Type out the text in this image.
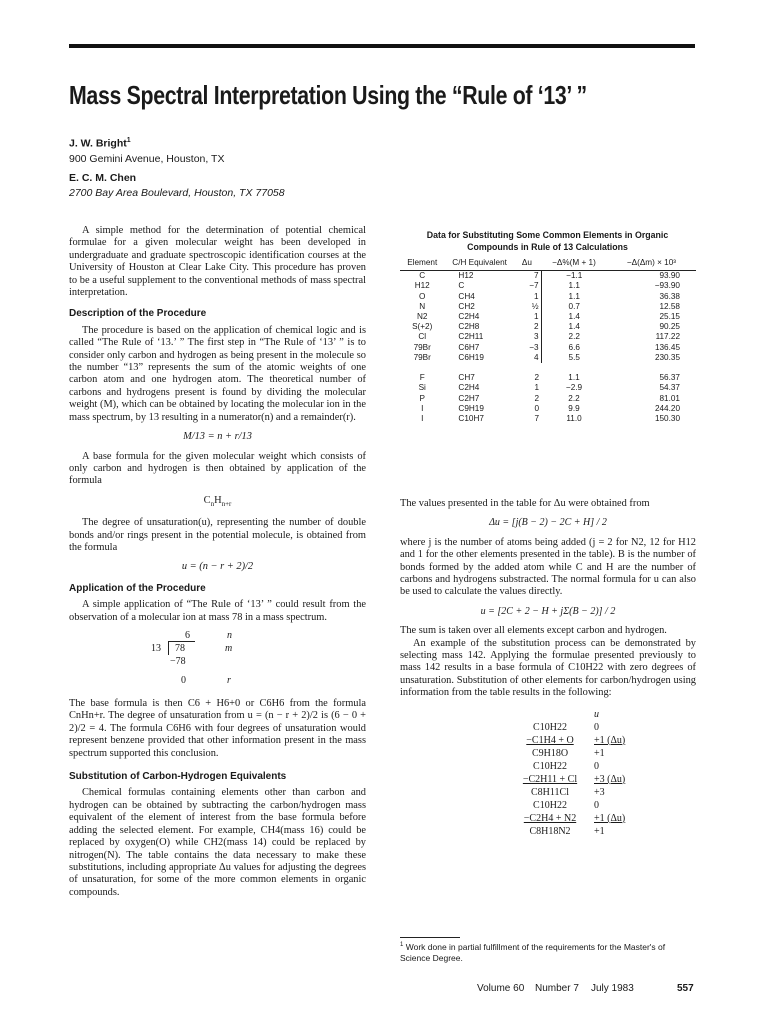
Mass Spectral Interpretation Using the “Rule of ‘13’ ”
J. W. Bright$^1$
900 Gemini Avenue, Houston, TX
E. C. M. Chen
2700 Bay Area Boulevard, Houston, TX 77058

A simple method for the determination of potential chemical formulae for a given molecular weight has been developed in undergraduate and graduate spectroscopic identification courses at the University of Houston at Clear Lake City. This procedure has proven to be a useful supplement to the conventional methods of mass spectral interpretation.

Description of the Procedure

The procedure is based on the application of chemical logic and is called “The Rule of ‘13.’ ” The first step in “The Rule of ‘13’ ” is to consider only carbon and hydrogen as being present in the molecule so the number “13” represents the sum of the atomic weights of one carbon atom and one hydrogen atom. The theoretical number of carbons and hydrogens present is found by dividing the molecular weight (M), which can be obtained by locating the molecular ion in the mass spectrum, by 13 resulting in a numerator(n) and a remainder(r).

M/13 = n + r/13

A base formula for the given molecular weight which consists of only carbon and hydrogen is then obtained by application of the formula

$C_nH_{n+r}$

The degree of unsaturation(u), representing the number of double bonds and/or rings present in the potential molecule, is obtained from the formula

u = (n − r + 2)/2
Application of the Procedure

A simple application of “The Rule of ‘13’ ” could result from the observation of a molecular ion at mass 78 in a mass spectrum.

6	n
13 78	m
−78
0	r

The base formula is then C6 + H6+0 or C6H6 from the formula CnHn+r. The degree of unsaturation from u = (n − r + 2)/2 is (6 − 0 + 2)/2 = 4. The formula C6H6 with four degrees of unsaturation would represent benzene provided that other information present in the mass spectrum supported this conclusion.

Substitution of Carbon-Hydrogen Equivalents

Chemical formulas containing elements other than carbon and hydrogen can be obtained by subtracting the carbon/hydrogen mass equivalent of the element of interest from the base formula before adding the selected element. For example, CH4(mass 16) could be replaced by oxygen(O) while CH2(mass 14) could be replaced by nitrogen(N). The table contains the data necessary to make these substitutions, including appropriate Δu values for adjusting the degrees of unsaturation, for some of the more common elements in organic compounds.

Data for Substituting Some Common Elements in Organic Compounds in Rule of 13 Calculations
Element	C/H Equivalent	Δu	−Δ%(M + 1)	−Δ(Δm) × 10³
C	H12	7	−1.1	93.90
H12	C	−7	1.1	−93.90
O	CH4	1	1.1	36.38
N	CH2	½	0.7	12.58
N2	C2H4	1	1.4	25.15
S(+2)	C2H8	2	1.4	90.25
Cl	C2H11	3	2.2	117.22
79Br	C6H7	−3	6.6	136.45
79Br	C6H19	4	5.5	230.35

F	CH7	2	1.1	56.37
Si	C2H4	1	−2.9	54.37
P	C2H7	2	2.2	81.01
I	C9H19	0	9.9	244.20
I	C10H7	7	11.0	150.30

The values presented in the table for Δu were obtained from

Δu = [j(B − 2) − 2C + H] / 2

where j is the number of atoms being added (j = 2 for N2, 12 for H12 and 1 for the other elements presented in the table). B is the number of bonds formed by the added atom while C and H are the number of carbons and hydrogens substracted. The normal formula for u can also be used to calculate the values directly.

u = [2C + 2 − H + jΣ(B − 2)] / 2

The sum is taken over all elements except carbon and hydrogen.

An example of the substitution process can be demonstrated by selecting mass 142. Applying the formulae presented previously to mass 142 results in a base formula of C10H22 with zero degrees of unsaturation. Substitution of other elements for carbon/hydrogen using information from the table results in the following:

u
C10H22	0
−C1H4 + O	+1 (Δu)
C9H18O	+1
C10H22	0
−C2H11 + Cl	+3 (Δu)
C8H11Cl	+3
C10H22	0
−C2H4 + N2	+1 (Δu)
C8H18N2	+1
$^1$ Work done in partial fulfillment of the requirements for the Master's of Science Degree.
Volume 60 Number 7 July 1983	557
